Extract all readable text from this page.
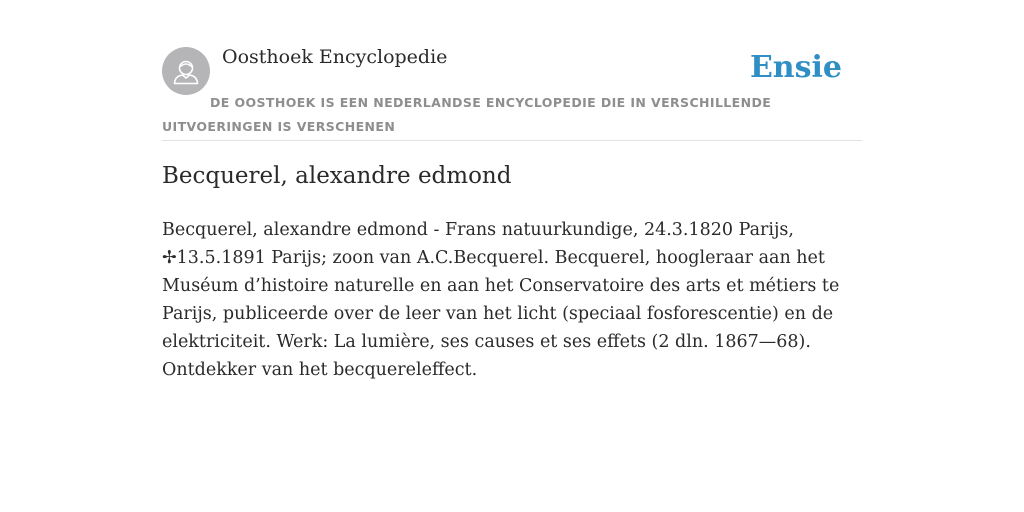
Oosthoek Encyclopedie	Ensie
DE OOSTHOEK IS EEN NEDERLANDSE ENCYCLOPEDIE DIE IN VERSCHILLENDE UITVOERINGEN IS VERSCHENEN
Becquerel, alexandre edmond

Becquerel, alexandre edmond - Frans natuurkundige, 24.3.1820 Parijs, ✢13.5.1891 Parijs; zoon van A.C.Becquerel. Becquerel, hoogleraar aan het Muséum d’histoire naturelle en aan het Conservatoire des arts et métiers te Parijs, publiceerde over de leer van het licht (speciaal fosforescentie) en de elektriciteit. Werk: La lumière, ses causes et ses effets (2 dln. 1867—68). Ontdekker van het becquereleffect.
